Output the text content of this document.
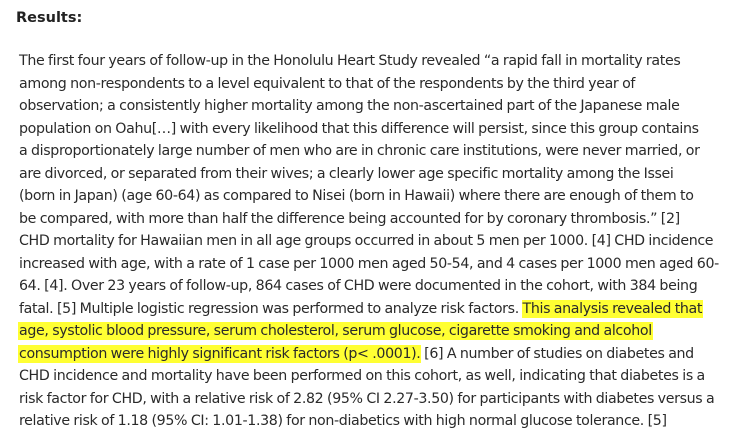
Results:

The first four years of follow-up in the Honolulu Heart Study revealed “a rapid fall in mortality rates
among non-respondents to a level equivalent to that of the respondents by the third year of
observation; a consistently higher mortality among the non-ascertained part of the Japanese male
population on Oahu[…] with every likelihood that this difference will persist, since this group contains
a disproportionately large number of men who are in chronic care institutions, were never married, or
are divorced, or separated from their wives; a clearly lower age specific mortality among the Issei
(born in Japan) (age 60-64) as compared to Nisei (born in Hawaii) where there are enough of them to
be compared, with more than half the difference being accounted for by coronary thrombosis.” [2]
CHD mortality for Hawaiian men in all age groups occurred in about 5 men per 1000. [4] CHD incidence
increased with age, with a rate of 1 case per 1000 men aged 50-54, and 4 cases per 1000 men aged 60-
64. [4]. Over 23 years of follow-up, 864 cases of CHD were documented in the cohort, with 384 being
fatal. [5] Multiple logistic regression was performed to analyze risk factors. This analysis revealed that
age, systolic blood pressure, serum cholesterol, serum glucose, cigarette smoking and alcohol
consumption were highly significant risk factors (p< .0001). [6] A number of studies on diabetes and
CHD incidence and mortality have been performed on this cohort, as well, indicating that diabetes is a
risk factor for CHD, with a relative risk of 2.82 (95% CI 2.27-3.50) for participants with diabetes versus a
relative risk of 1.18 (95% CI: 1.01-1.38) for non-diabetics with high normal glucose tolerance. [5]
